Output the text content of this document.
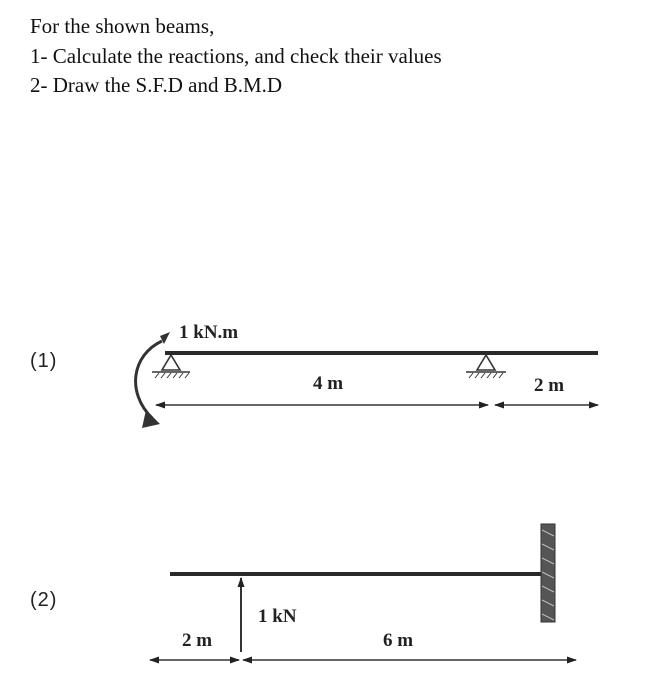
For the shown beams,
1- Calculate the reactions, and check their values
2- Draw the S.F.D and B.M.D
(1)
(2)
1 kN.m
4 m	2 m
1 kN
2 m	6 m
